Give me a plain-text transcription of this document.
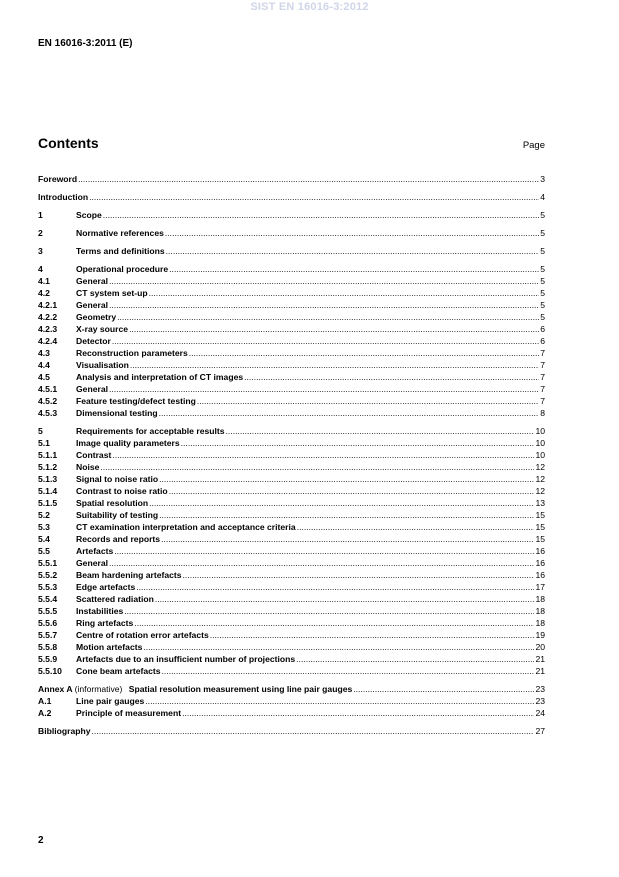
SIST EN 16016-3:2012
EN 16016-3:2011 (E)
Contents	Page
Foreword .....	3
Introduction .....	4
1	Scope .....	5
2	Normative references .....	5
3	Terms and definitions .....	5
4	Operational procedure .....	5
4.1	General .....	5
4.2	CT system set-up .....	5
4.2.1	General .....	5
4.2.2	Geometry .....	5
4.2.3	X-ray source .....	6
4.2.4	Detector .....	6
4.3	Reconstruction parameters .....	7
4.4	Visualisation .....	7
4.5	Analysis and interpretation of CT images .....	7
4.5.1	General .....	7
4.5.2	Feature testing/defect testing .....	7
4.5.3	Dimensional testing .....	8
5	Requirements for acceptable results .....	10
5.1	Image quality parameters .....	10
5.1.1	Contrast .....	10
5.1.2	Noise .....	12
5.1.3	Signal to noise ratio .....	12
5.1.4	Contrast to noise ratio .....	12
5.1.5	Spatial resolution .....	13
5.2	Suitability of testing .....	15
5.3	CT examination interpretation and acceptance criteria .....	15
5.4	Records and reports .....	15
5.5	Artefacts .....	16
5.5.1	General .....	16
5.5.2	Beam hardening artefacts .....	16
5.5.3	Edge artefacts .....	17
5.5.4	Scattered radiation .....	18
5.5.5	Instabilities .....	18
5.5.6	Ring artefacts .....	18
5.5.7	Centre of rotation error artefacts .....	19
5.5.8	Motion artefacts .....	20
5.5.9	Artefacts due to an insufficient number of projections .....	21
5.5.10	Cone beam artefacts .....	21
Annex A (informative) Spatial resolution measurement using line pair gauges .....	23
A.1	Line pair gauges .....	23
A.2	Principle of measurement .....	24
Bibliography .....	27
2
